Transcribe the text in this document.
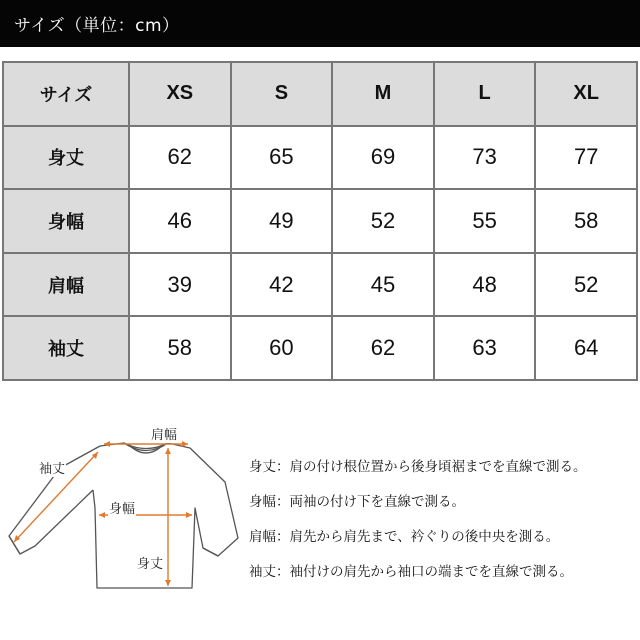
サイズ（単位：cm）
サイズ	XS	S	M	L	XL
身丈	62	65	69	73	77
身幅	46	49	52	55	58
肩幅	39	42	45	48	52
袖丈	58	60	62	63	64
肩幅
袖丈
身幅
身丈
身丈：肩の付け根位置から後身頃裾までを直線で測る。
身幅：両袖の付け下を直線で測る。
肩幅：肩先から肩先まで、衿ぐりの後中央を測る。
袖丈：袖付けの肩先から袖口の端までを直線で測る。
